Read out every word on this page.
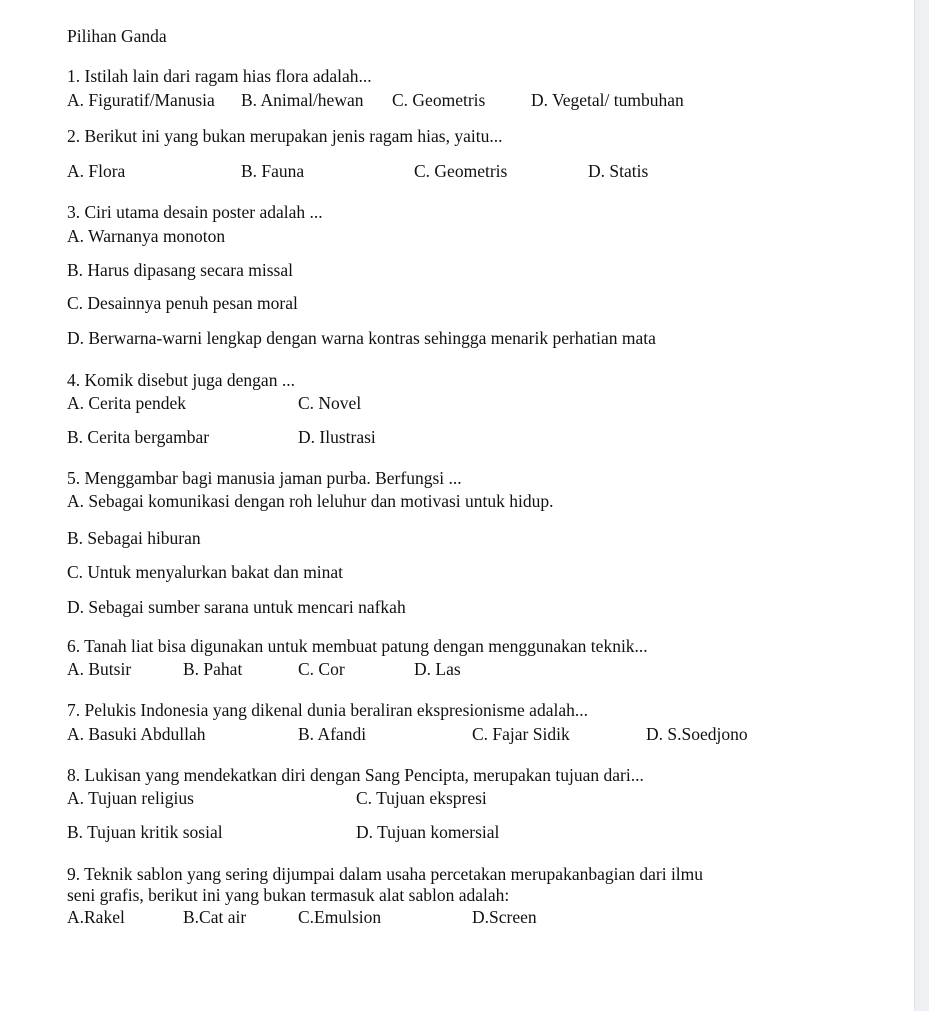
Pilihan Ganda
1. Istilah lain dari ragam hias flora adalah...
A. Figuratif/Manusia B. Animal/hewan C. Geometris	D. Vegetal/ tumbuhan
2. Berikut ini yang bukan merupakan jenis ragam hias, yaitu...
A. Flora	B. Fauna	C. Geometris	D. Statis
3. Ciri utama desain poster adalah ...
A. Warnanya monoton
B. Harus dipasang secara missal
C. Desainnya penuh pesan moral
D. Berwarna-warni lengkap dengan warna kontras sehingga menarik perhatian mata
4. Komik disebut juga dengan ...
A. Cerita pendek	C. Novel
B. Cerita bergambar	D. Ilustrasi
5. Menggambar bagi manusia jaman purba. Berfungsi ...
A. Sebagai komunikasi dengan roh leluhur dan motivasi untuk hidup.
B. Sebagai hiburan
C. Untuk menyalurkan bakat dan minat
D. Sebagai sumber sarana untuk mencari nafkah
6. Tanah liat bisa digunakan untuk membuat patung dengan menggunakan teknik...
A. Butsir	B. Pahat	C. Cor	D. Las
7. Pelukis Indonesia yang dikenal dunia beraliran ekspresionisme adalah...
A. Basuki Abdullah	B. Afandi	C. Fajar Sidik	D. S.Soedjono
8. Lukisan yang mendekatkan diri dengan Sang Pencipta, merupakan tujuan dari...
A. Tujuan religius	C. Tujuan ekspresi
B. Tujuan kritik sosial	D. Tujuan komersial
9. Teknik sablon yang sering dijumpai dalam usaha percetakan merupakanbagian dari ilmu
seni grafis, berikut ini yang bukan termasuk alat sablon adalah:
A.Rakel	B.Cat air	C.Emulsion	D.Screen
